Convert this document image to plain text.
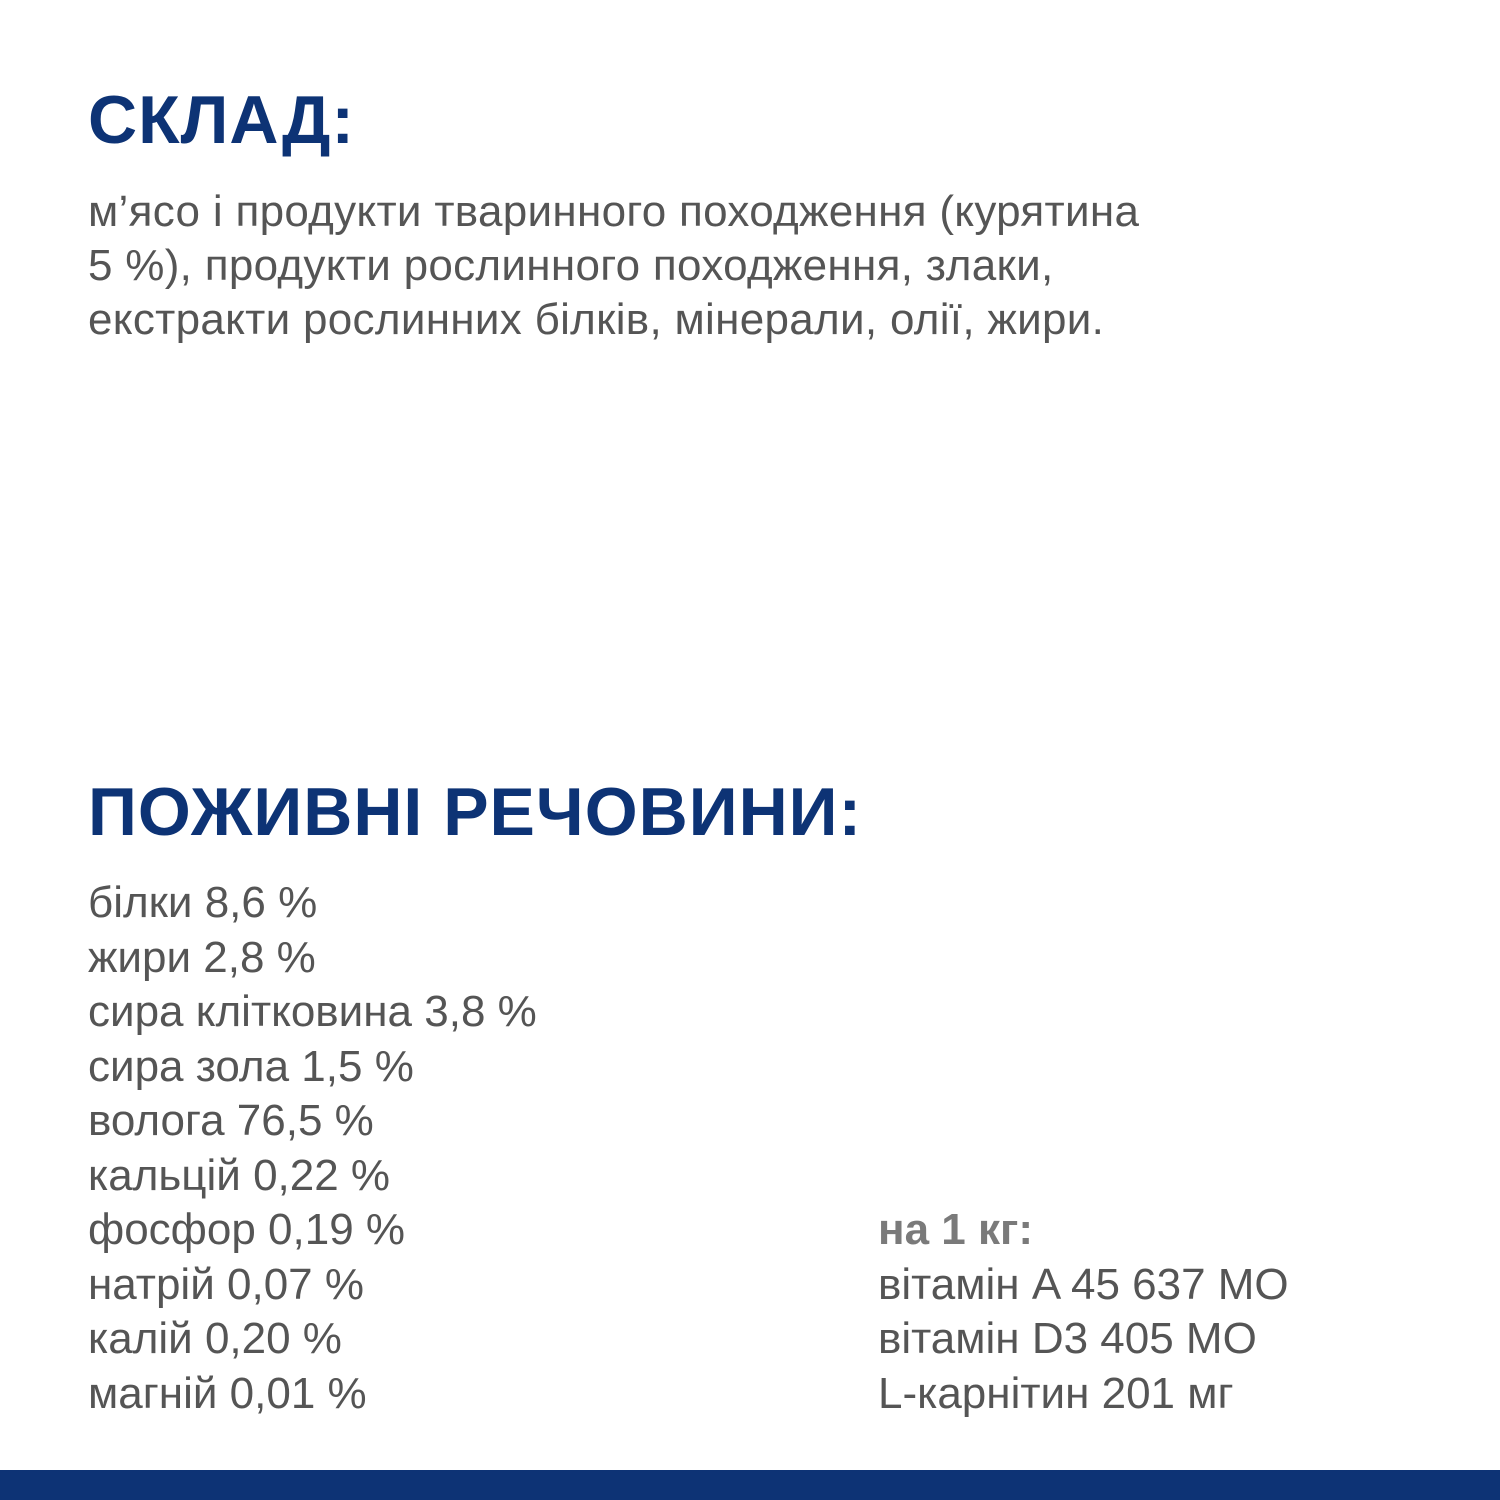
СКЛАД:

м’ясо і продукти тваринного походження (курятина
5 %), продукти рослинного походження, злаки,
екстракти рослинних білків, мінерали, олії, жири.

ПОЖИВНІ РЕЧОВИНИ:
білки 8,6 %
жири 2,8 %
сира клітковина 3,8 %
сира зола 1,5 %
волога 76,5 %
кальцій 0,22 %
фосфор 0,19 %
натрій 0,07 %
калій 0,20 %
магній 0,01 %
на 1 кг:
вітамін A 45 637 МО
вітамін D3 405 МО
L-карнітин 201 мг
